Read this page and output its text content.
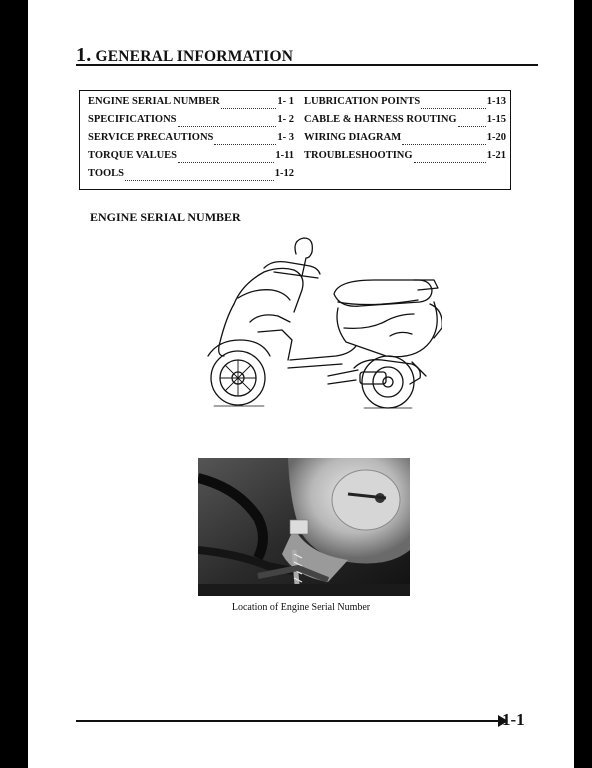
1. GENERAL INFORMATION
ENGINE SERIAL NUMBER	1- 1
SPECIFICATIONS	1- 2
SERVICE PRECAUTIONS	1- 3
TORQUE VALUES	1-11
TOOLS	1-12
LUBRICATION POINTS	1-13
CABLE & HARNESS ROUTING	1-15
WIRING DIAGRAM	1-20
TROUBLESHOOTING	1-21
ENGINE SERIAL NUMBER
Location of Engine Serial Number
1-1
